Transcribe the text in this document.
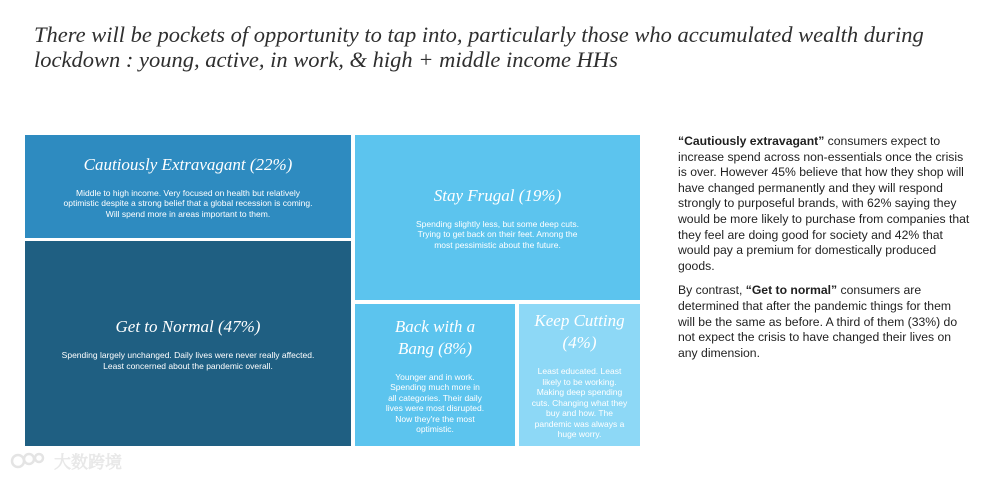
There will be pockets of opportunity to tap into, particularly those who accumulated wealth during lockdown : young, active, in work, & high + middle income HHs
Cautiously Extravagant (22%)

Middle to high income. Very focused on health but relatively optimistic despite a strong belief that a global recession is coming. Will spend more in areas important to them.

Get to Normal (47%)

Spending largely unchanged. Daily lives were never really affected. Least concerned about the pandemic overall.

Stay Frugal (19%)

Spending slightly less, but some deep cuts. Trying to get back on their feet. Among the most pessimistic about the future.

Back with a Bang (8%)

Younger and in work. Spending much more in all categories. Their daily lives were most disrupted. Now they're the most optimistic.

Keep Cutting (4%)

Least educated. Least likely to be working. Making deep spending cuts. Changing what they buy and how. The pandemic was always a huge worry.

“Cautiously extravagant” consumers expect to increase spend across non-essentials once the crisis is over. However 45% believe that how they shop will have changed permanently and they will respond strongly to purposeful brands, with 62% saying they would be more likely to purchase from companies that they feel are doing good for society and 42% that would pay a premium for domestically produced goods.

By contrast, “Get to normal” consumers are determined that after the pandemic things for them will be the same as before. A third of them (33%) do not expect the crisis to have changed their lives on any dimension.

大数跨境
